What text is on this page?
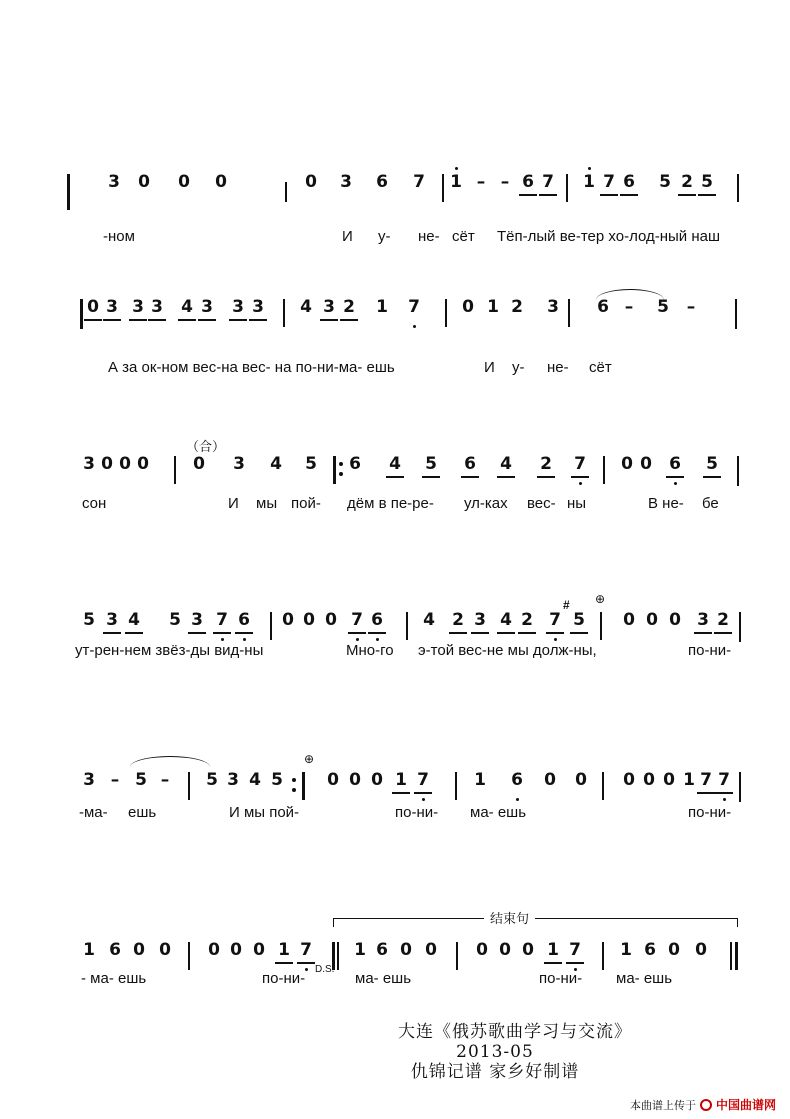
3 0 0 0	0 3 6 7 1 – – 6 7 1 7 6 5 2 5
-ном	И у- не- сёт Тёп-лый ве-тер хо-лод-ный наш
0 3 3 3 4 3 3 3 4 3 2 1 7 0 1 2 3 6 – 5 –
А за ок-ном вес-на вес- на по-ни-ма- ешь	И у- не- сёт
（合）
3 0 0 0	0 3 4 5 6 4 5 6 4 2 7 0 0 6 5
сон	И мы пой- дём в пе-ре- ул-ках вес- ны	В не- бе
# ⊕
5 3 4 5 3 7 6 0 0 0 7 6 4 2 3 4 2 7 5 0 0 0 3 2
ут-рен-нем звёз-ды вид-ны	Мно-го э-той вес-не мы долж-ны,	по-ни-
⊕
3 – 5 – 5 3 4 5	0 0 0 1 7	1 6 0 0 0 0 0 1 7 7
-ма- ешь	И мы пой-	по-ни- ма- ешь	по-ни-
结束句
1 6 0 0 0 0 0 1 7 1 6 0 0 0 0 0 1 7 1 6 0 0
- ма- ешь	по-ни-
D.S.
ма- ешь	по-ни- ма- ешь
大连《俄苏歌曲学习与交流》
2013-05
仇锦记谱 家乡好制谱
本曲谱上传于 中国曲谱网
